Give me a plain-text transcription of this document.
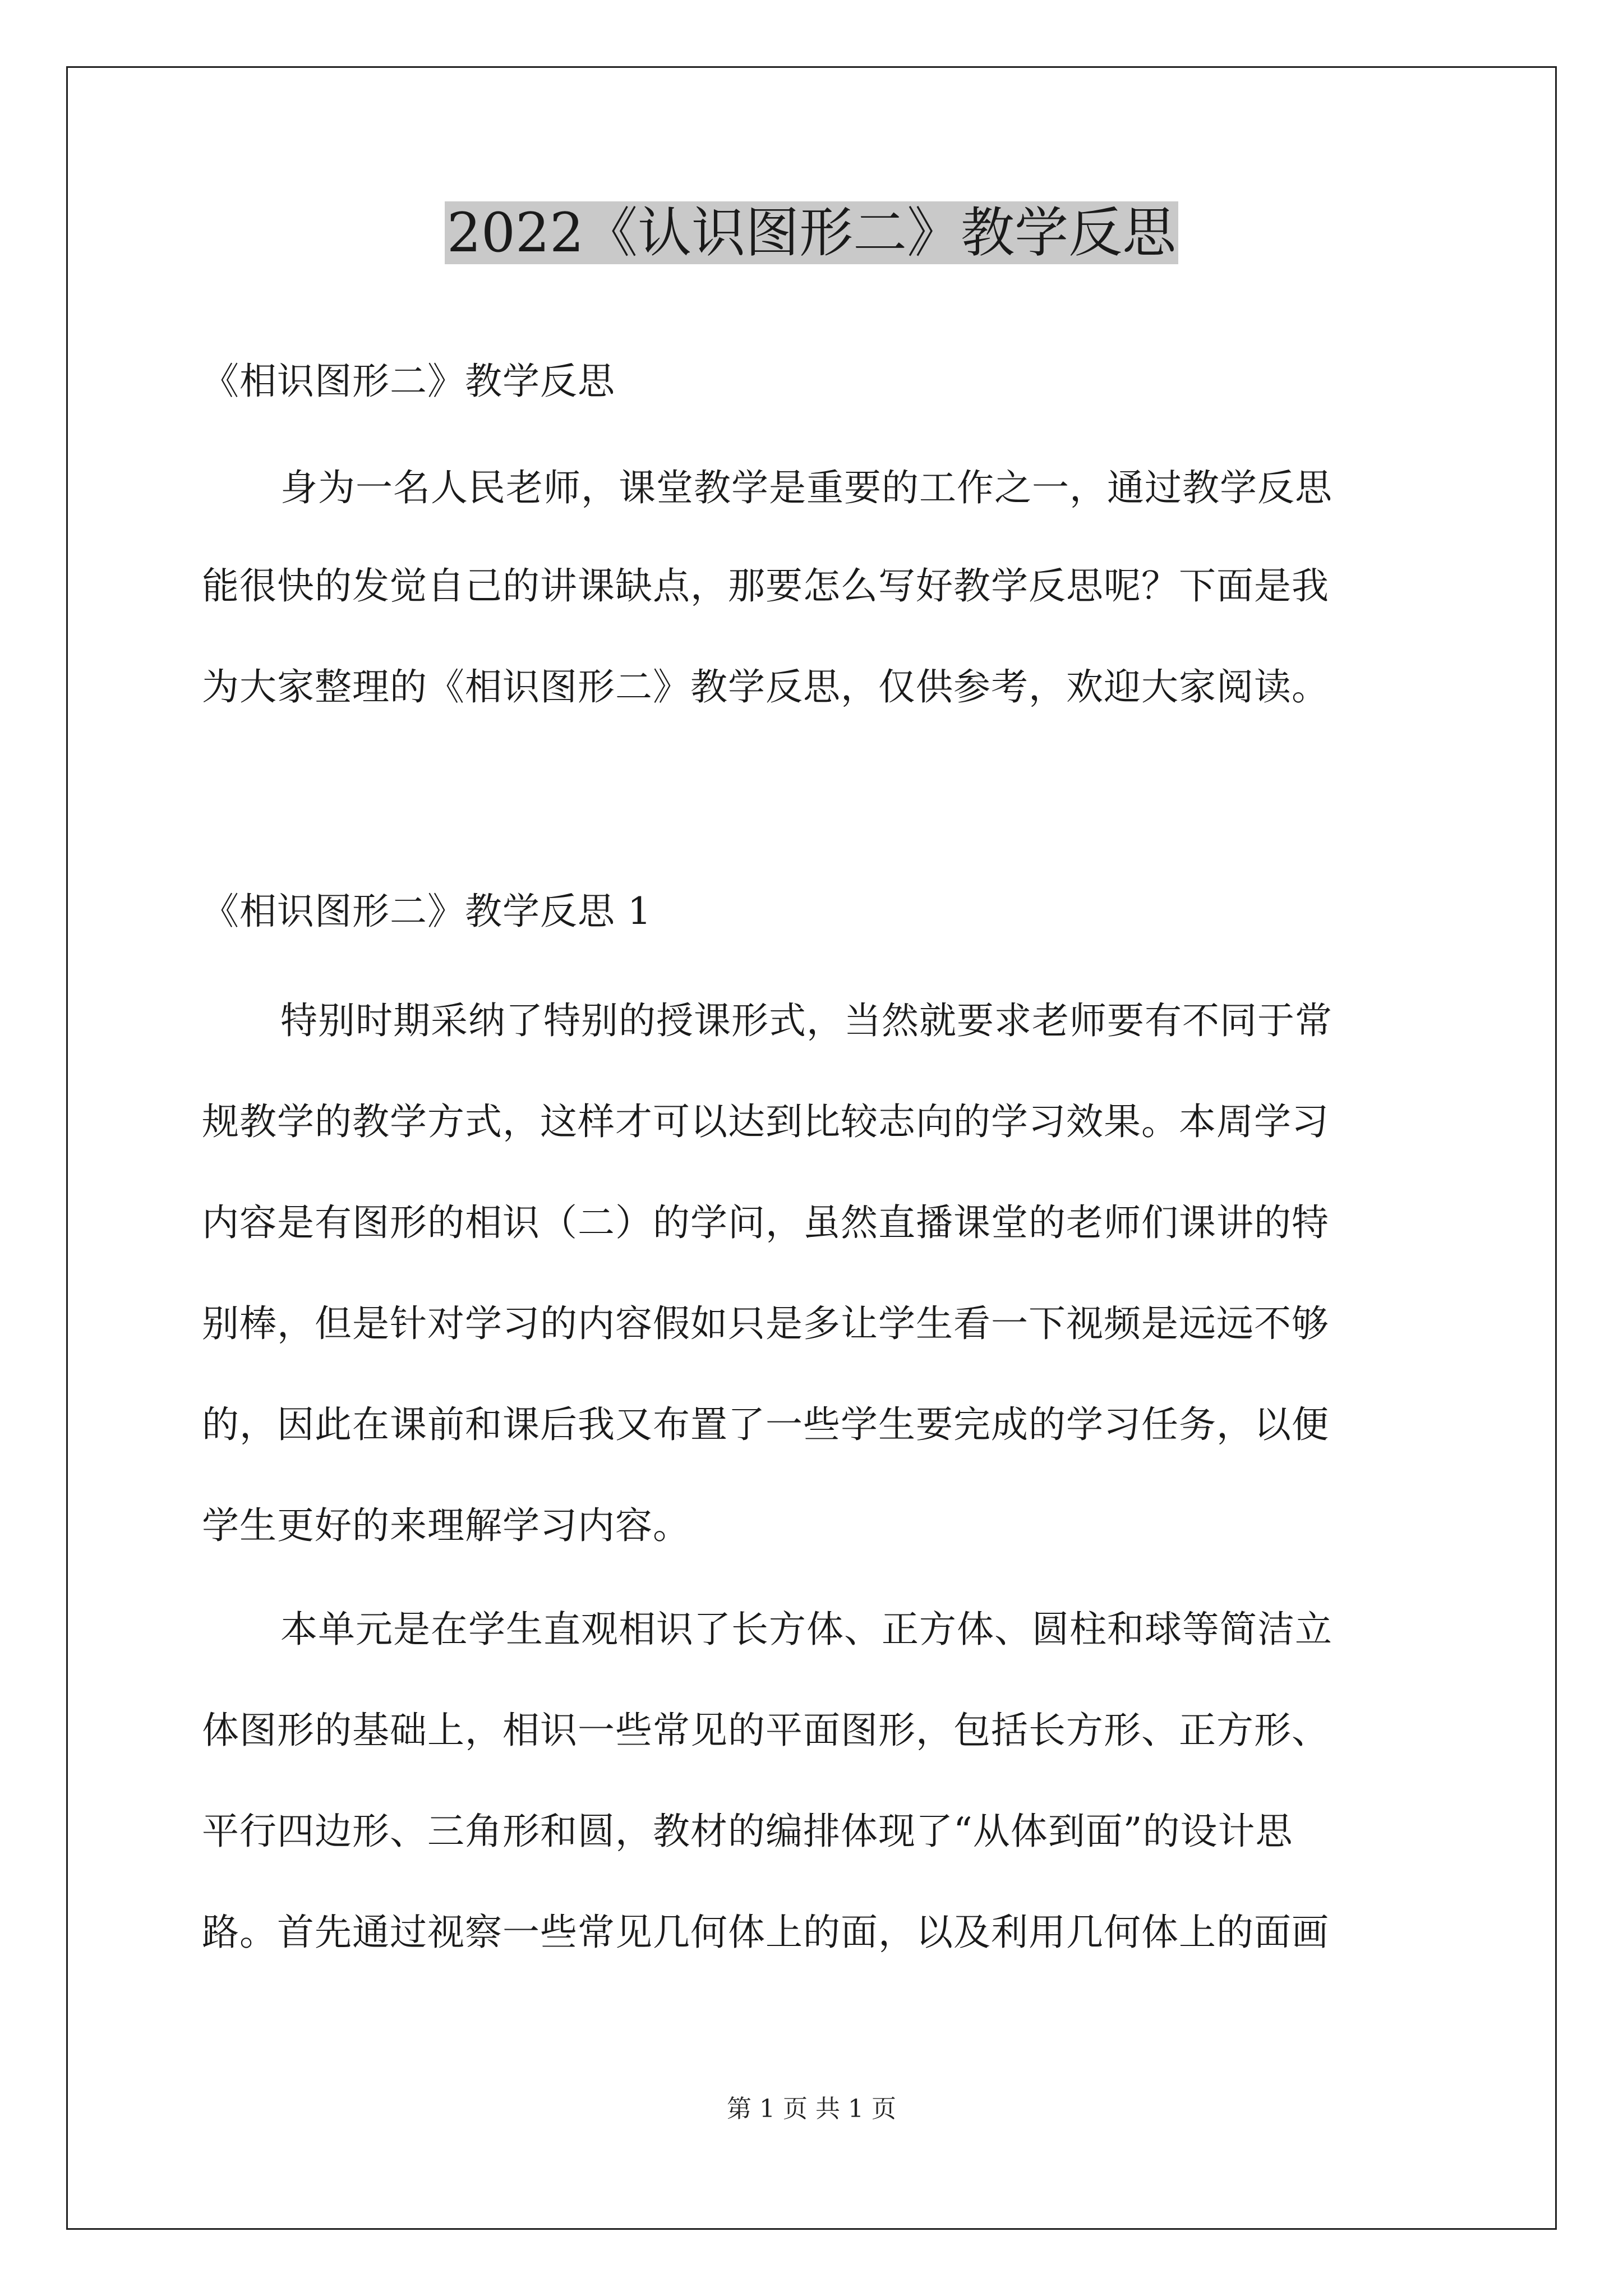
2022《认识图形二》教学反思
《相识图形二》教学反思
身为一名人民老师，课堂教学是重要的工作之一，通过教学反思
能很快的发觉自己的讲课缺点，那要怎么写好教学反思呢？下面是我
为大家整理的《相识图形二》教学反思，仅供参考，欢迎大家阅读。
《相识图形二》教学反思 1
特别时期采纳了特别的授课形式，当然就要求老师要有不同于常
规教学的教学方式，这样才可以达到比较志向的学习效果。本周学习
内容是有图形的相识（二）的学问，虽然直播课堂的老师们课讲的特
别棒，但是针对学习的内容假如只是多让学生看一下视频是远远不够
的，因此在课前和课后我又布置了一些学生要完成的学习任务，以便
学生更好的来理解学习内容。
本单元是在学生直观相识了长方体、正方体、圆柱和球等简洁立
体图形的基础上，相识一些常见的平面图形，包括长方形、正方形、
平行四边形、三角形和圆，教材的编排体现了“从体到面”的设计思
路。首先通过视察一些常见几何体上的面，以及利用几何体上的面画
第 1 页 共 1 页
